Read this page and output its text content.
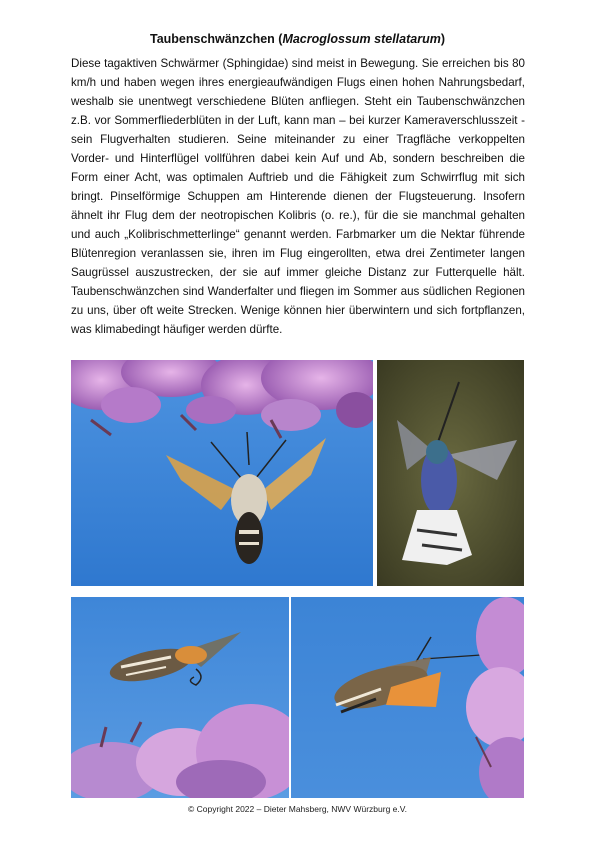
Taubenschwänzchen (Macroglossum stellatarum)
Diese tagaktiven Schwärmer (Sphingidae) sind meist in Bewegung. Sie erreichen bis 80 km/h und haben wegen ihres energieaufwändigen Flugs einen hohen Nahrungsbedarf, weshalb sie unentwegt verschiedene Blüten anfliegen. Steht ein Taubenschwänzchen z.B. vor Sommerfliederblüten in der Luft, kann man – bei kurzer Kameraverschlusszeit - sein Flugverhalten studieren. Seine miteinander zu einer Tragfläche verkoppelten Vorder- und Hinterflügel vollführen dabei kein Auf und Ab, sondern beschreiben die Form einer Acht, was optimalen Auftrieb und die Fähigkeit zum Schwirrflug mit sich bringt. Pinselförmige Schuppen am Hinterende dienen der Flugsteuerung. Insofern ähnelt ihr Flug dem der neotropischen Kolibris (o. re.), für die sie manchmal gehalten und auch „Kolibrischmetterlinge“ genannt werden. Farbmarker um die Nektar führende Blütenregion veranlassen sie, ihren im Flug eingerollten, etwa drei Zentimeter langen Saugrüssel auszustrecken, der sie auf immer gleiche Distanz zur Futterquelle hält. Taubenschwänzchen sind Wanderfalter und fliegen im Sommer aus südlichen Regionen zu uns, über oft weite Strecken. Wenige können hier überwintern und sich fortpflanzen, was klimabedingt häufiger werden dürfte.
© Copyright 2022 – Dieter Mahsberg, NWV Würzburg e.V.
